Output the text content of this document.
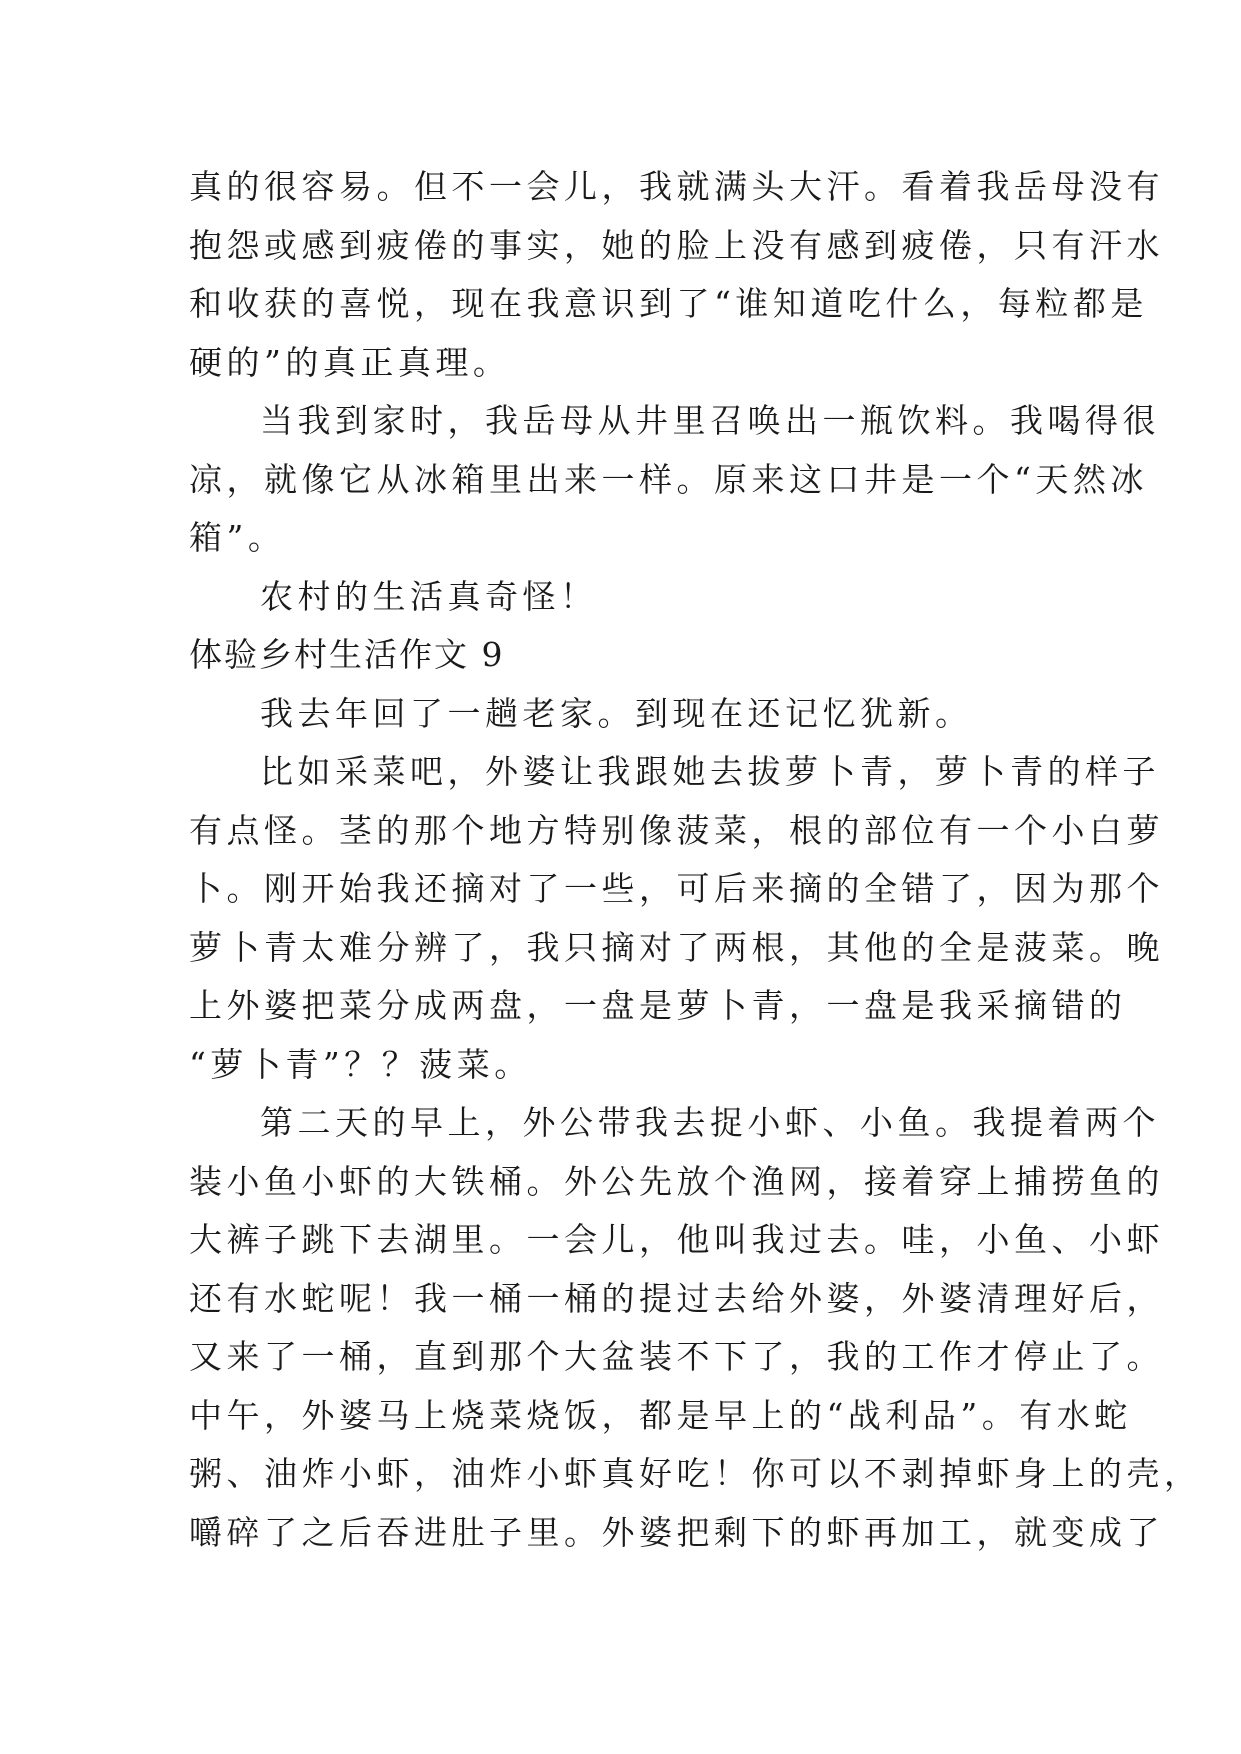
真的很容易。但不一会儿，我就满头大汗。看着我岳母没有
抱怨或感到疲倦的事实，她的脸上没有感到疲倦，只有汗水
和收获的喜悦，现在我意识到了“谁知道吃什么，每粒都是
硬的”的真正真理。
当我到家时，我岳母从井里召唤出一瓶饮料。我喝得很
凉，就像它从冰箱里出来一样。原来这口井是一个“天然冰
箱”。
农村的生活真奇怪！
体验乡村生活作文 9
我去年回了一趟老家。到现在还记忆犹新。
比如采菜吧，外婆让我跟她去拔萝卜青，萝卜青的样子
有点怪。茎的那个地方特别像菠菜，根的部位有一个小白萝
卜。刚开始我还摘对了一些，可后来摘的全错了，因为那个
萝卜青太难分辨了，我只摘对了两根，其他的全是菠菜。晚
上外婆把菜分成两盘，一盘是萝卜青，一盘是我采摘错的
“萝卜青”？？菠菜。
第二天的早上，外公带我去捉小虾、小鱼。我提着两个
装小鱼小虾的大铁桶。外公先放个渔网，接着穿上捕捞鱼的
大裤子跳下去湖里。一会儿，他叫我过去。哇，小鱼、小虾
还有水蛇呢！我一桶一桶的提过去给外婆，外婆清理好后，
又来了一桶，直到那个大盆装不下了，我的工作才停止了。
中午，外婆马上烧菜烧饭，都是早上的“战利品”。有水蛇
粥、油炸小虾，油炸小虾真好吃！你可以不剥掉虾身上的壳，
嚼碎了之后吞进肚子里。外婆把剩下的虾再加工，就变成了
